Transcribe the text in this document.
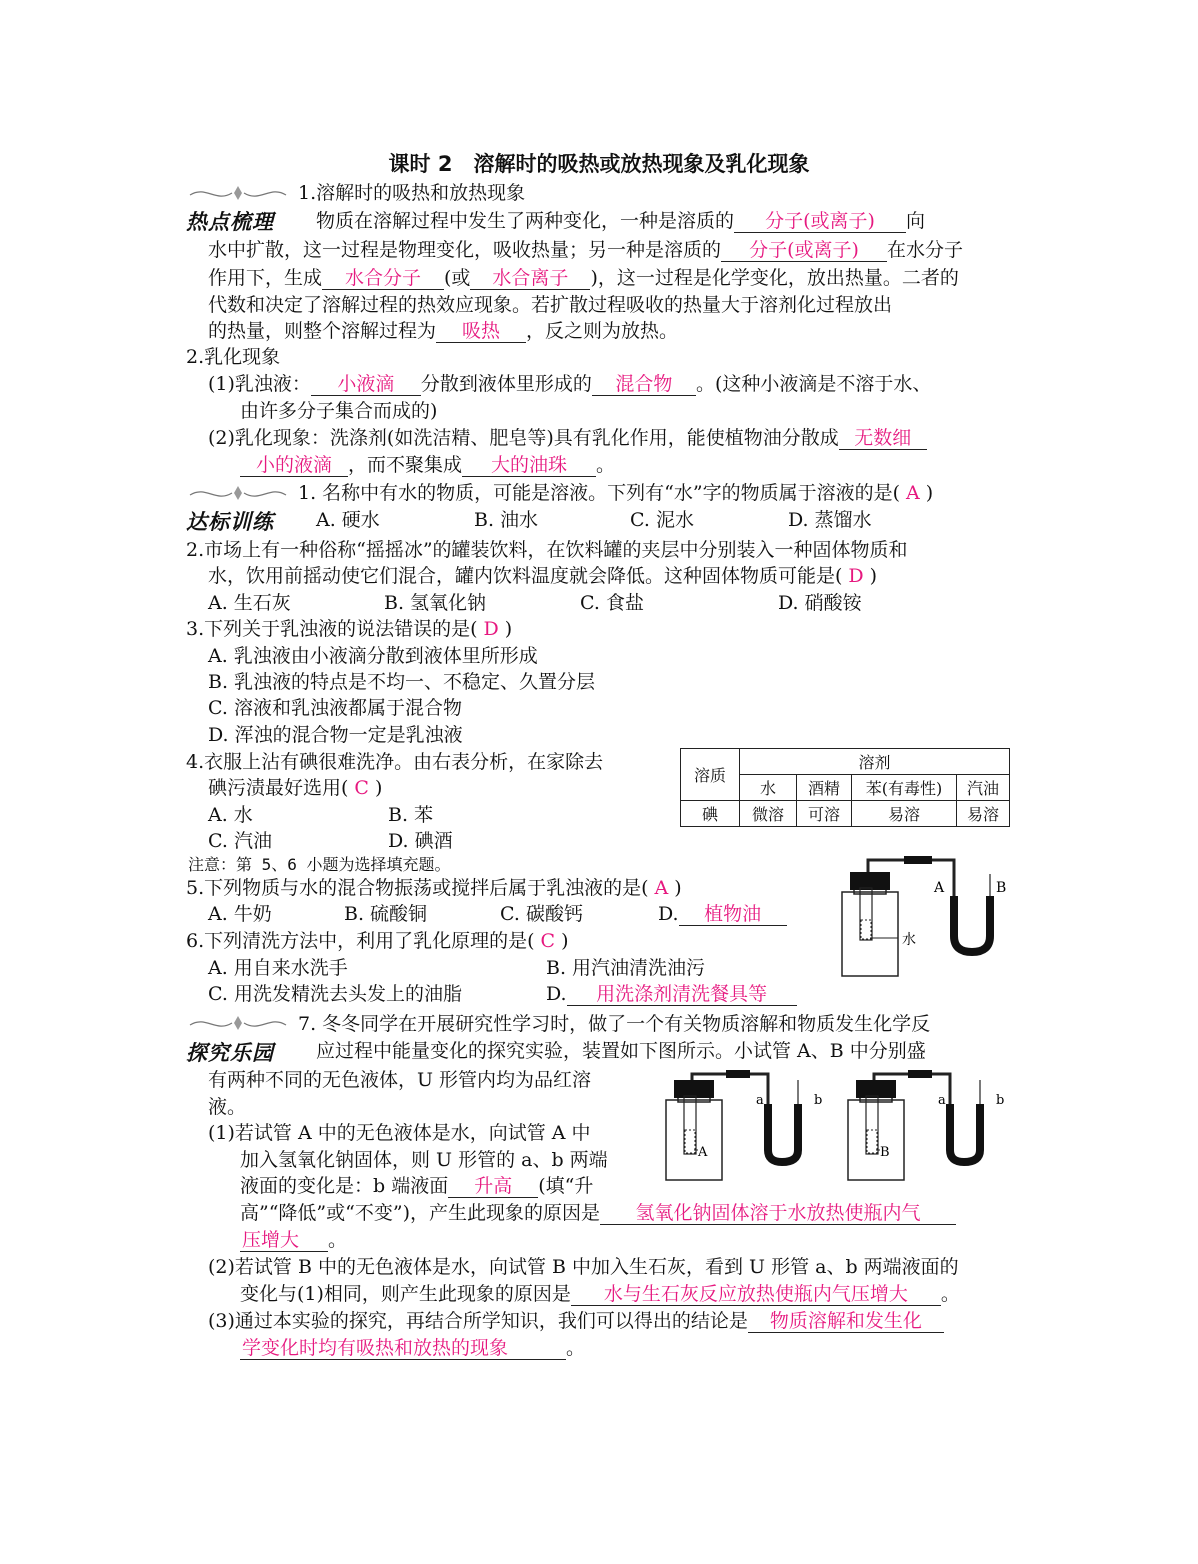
课时 2　溶解时的吸热或放热现象及乳化现象
热点梳理
达标训练
探究乐园
1.溶解时的吸热和放热现象
物质在溶解过程中发生了两种变化，一种是溶质的 分子(或离子) 向
水中扩散，这一过程是物理变化，吸收热量；另一种是溶质的 分子(或离子) 在水分子
作用下，生成 水合分子 (或 水合离子 )，这一过程是化学变化，放出热量。二者的
代数和决定了溶解过程的热效应现象。若扩散过程吸收的热量大于溶剂化过程放出
的热量，则整个溶解过程为 吸热 ，反之则为放热。
2.乳化现象
(1)乳浊液： 小液滴 分散到液体里形成的 混合物 。(这种小液滴是不溶于水、
由许多分子集合而成的)
(2)乳化现象：洗涤剂(如洗洁精、肥皂等)具有乳化作用，能使植物油分散成 无数细
小的液滴 ，而不聚集成 大的油珠 。
1. 名称中有水的物质，可能是溶液。下列有“水”字的物质属于溶液的是( A )
A. 硬水	B. 油水	C. 泥水	D. 蒸馏水
2.市场上有一种俗称“摇摇冰”的罐装饮料，在饮料罐的夹层中分别装入一种固体物质和
水，饮用前摇动使它们混合，罐内饮料温度就会降低。这种固体物质可能是( D )
A. 生石灰	B. 氢氧化钠	C. 食盐	D. 硝酸铵
3.下列关于乳浊液的说法错误的是( D )
A. 乳浊液由小液滴分散到液体里所形成
B. 乳浊液的特点是不均一、不稳定、久置分层
C. 溶液和乳浊液都属于混合物
D. 浑浊的混合物一定是乳浊液
4.衣服上沾有碘很难洗净。由右表分析，在家除去
碘污渍最好选用( C )
A. 水	B. 苯
C. 汽油	D. 碘酒
溶质	溶剂			
	水	酒精	苯(有毒性)	汽油
碘	微溶	可溶	易溶	易溶
注意：第 5、6 小题为选择填充题。
5.下列物质与水的混合物振荡或搅拌后属于乳浊液的是( A )
A. 牛奶	B. 硫酸铜	C. 碳酸钙	D. 植物油
6.下列清洗方法中，利用了乳化原理的是( C )
A. 用自来水洗手	B. 用汽油清洗油污
C. 用洗发精洗去头发上的油脂	D. 用洗涤剂清洗餐具等
水
A	B
7. 冬冬同学在开展研究性学习时，做了一个有关物质溶解和物质发生化学反
应过程中能量变化的探究实验，装置如下图所示。小试管 A、B 中分别盛
有两种不同的无色液体，U 形管内均为品红溶
液。
(1)若试管 A 中的无色液体是水，向试管 A 中
加入氢氧化钠固体，则 U 形管的 a、b 两端
液面的变化是：b 端液面 升高 (填“升
高”“降低”或“不变”)，产生此现象的原因是 氢氧化钠固体溶于水放热使瓶内气
压增大 。
(2)若试管 B 中的无色液体是水，向试管 B 中加入生石灰，看到 U 形管 a、b 两端液面的
变化与(1)相同，则产生此现象的原因是 水与生石灰反应放热使瓶内气压增大 。
(3)通过本实验的探究，再结合所学知识，我们可以得出的结论是 物质溶解和发生化
学变化时均有吸热和放热的现象	。
A
a	b
B
a	b
